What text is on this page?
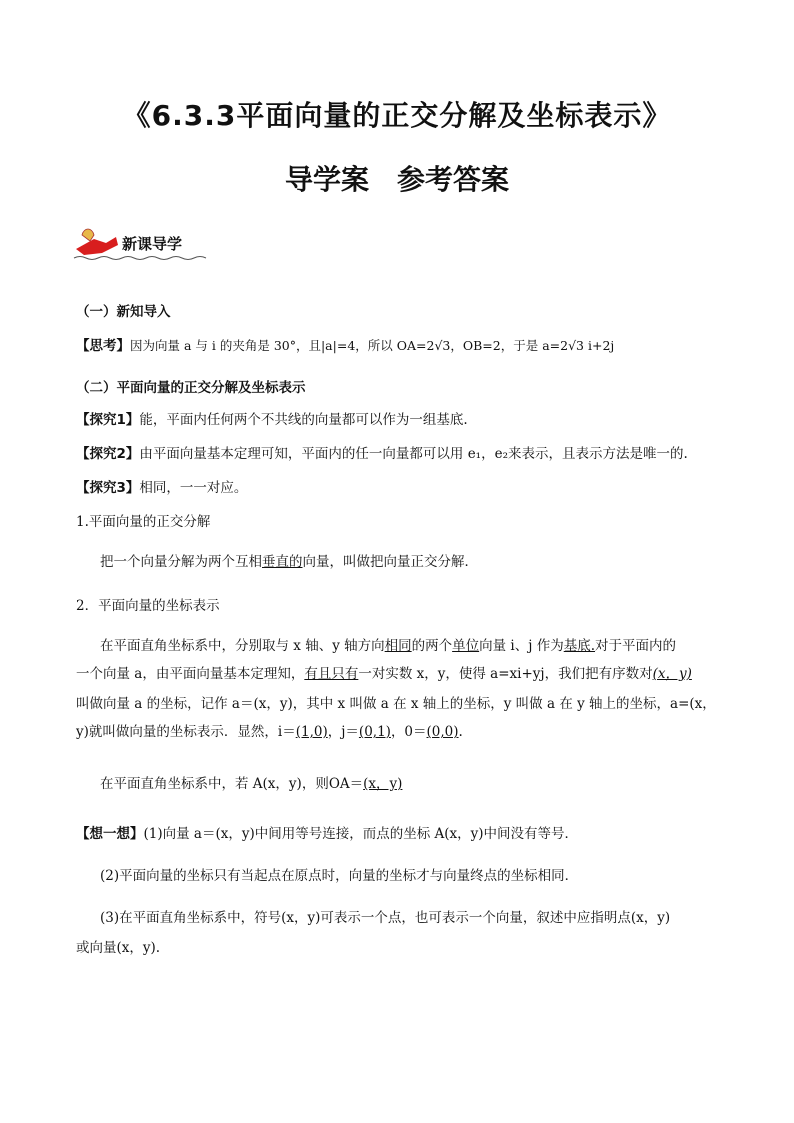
《6.3.3平面向量的正交分解及坐标表示》
导学案　参考答案
新课导学
（一）新知导入
【思考】因为向量 a 与 i 的夹角是 30°，且|a|=4，所以 OA=2√3，OB=2，于是 a=2√3 i+2j
（二）平面向量的正交分解及坐标表示
【探究1】能，平面内任何两个不共线的向量都可以作为一组基底.
【探究2】由平面向量基本定理可知，平面内的任一向量都可以用 e₁，e₂来表示，且表示方法是唯一的.
【探究3】相同，一一对应。
1.平面向量的正交分解
把一个向量分解为两个互相垂直的向量，叫做把向量正交分解．
2．平面向量的坐标表示
在平面直角坐标系中，分别取与 x 轴、y 轴方向相同的两个单位向量 i、j 作为基底.对于平面内的
一个向量 a，由平面向量基本定理知，有且只有一对实数 x，y，使得 a=xi+yj，我们把有序数对(x，y)
叫做向量 a 的坐标，记作 a＝(x，y)，其中 x 叫做 a 在 x 轴上的坐标，y 叫做 a 在 y 轴上的坐标，a=(x，
y)就叫做向量的坐标表示．显然，i＝(1,0)，j＝(0,1)，0＝(0,0).
在平面直角坐标系中，若 A(x，y)，则OA＝(x，y)
【想一想】(1)向量 a＝(x，y)中间用等号连接，而点的坐标 A(x，y)中间没有等号．
(2)平面向量的坐标只有当起点在原点时，向量的坐标才与向量终点的坐标相同．
(3)在平面直角坐标系中，符号(x，y)可表示一个点，也可表示一个向量，叙述中应指明点(x，y)
或向量(x，y).
